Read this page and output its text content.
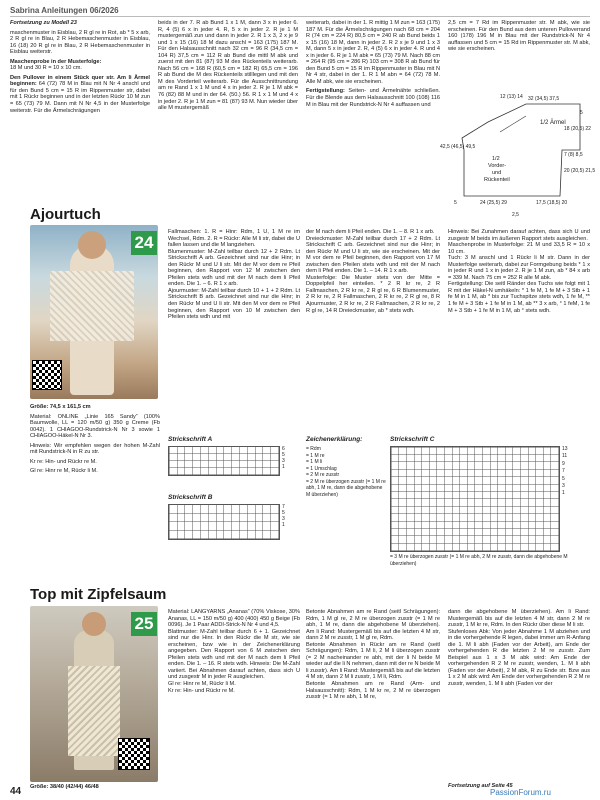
Sabrina Anleitungen 06/2026

Fortsetzung zu Modell 23

maschenmuster in Eisblau, 2 R gl re in Rot, ab * 5 x arb, 2 R gl re in Blau, 2 R Hebemaschenmuster in Eisblau, 16 (18) 20 R gl re in Blau, 2 R Hebemaschenmuster in Eisblau weiterstr.

Maschenprobe in der Musterfolge:
18 M und 30 R = 10 x 10 cm.

Den Pullover in einem Stück quer str. Am li Ärmel beginnen: 64 (72) 78 M in Blau mit N Nr 4 anschl und für den Bund 5 cm = 15 R im Rippenmuster str, dabei mit 1 Rückr beginnen und in der letzten Rückr 10 M zun = 65 (73) 79 M. Dann mit N Nr 4,5 in der Musterfolge weiterstr. Für die Ärmelschrägungen

beids in der 7. R ab Bund 1 x 1 M, dann 3 x in jeder 6. R, 4 (5) 6 x in jeder 4. R, 5 x in jeder 2. R je 1 M mustergemäß zun und dann in jeder 2. R 1 x 3, 2 x je 9 und 1 x 15 (16) 18 M dazu anschl = 163 (175) 187 M. Für den Halsausschnitt nach 32 cm = 96 R (34,5 cm = 104 R) 37,5 cm = 112 R ab Bund die mittl M abk und zuerst mit den 81 (87) 93 M des Rückenteils weiterarb. Nach 56 cm = 168 R (60,5 cm = 182 R) 65,5 cm = 196 R ab Bund die M des Rückenteils stilllegen und mit den M des Vorderteil weiterarb. Für die Ausschnittrundung am re Rand 1 x 1 M und 4 x in jeder 2. R je 1 M abk = 76 (82) 88 M und in der 64. (50.) 56. R 1 x 1 M und 4 x in jeder 2. R je 1 M zun = 81 (87) 93 M. Nun wieder über alle M mustergemäß

weiterarb, dabei in der 1. R mittig 1 M zun = 163 (175) 187 M. Für die Ärmelschrägungen nach 68 cm = 204 R (74 cm = 224 R) 80,5 cm = 240 R ab Bund beids 1 x 15 (16) 18 M, dann in jeder 2. R 2 x je 9 und 1 x 3 M, dann 5 x in jeder 2. R, 4 (5) 6 x in jeder 4. R und 4 x in jeder 6. R je 1 M abk = 65 (73) 79 M. Nach 88 cm = 264 R (95 cm = 286 R) 103 cm = 308 R ab Bund für den Bund 5 cm = 15 R im Rippenmuster in Blau mit N Nr 4 str, dabei in der 1. R 1 M abn = 64 (72) 78 M. Alle M abk, wie sie erscheinen.

Fertigstellung: Seiten- und Ärmelnähte schließen. Für die Blende aus dem Halsausschnitt 100 (108) 116 M in Blau mit der Rundstrick-N Nr 4 auffassen und

2,5 cm = 7 Rd im Rippenmuster str. M abk, wie sie erscheinen. Für den Bund aus dem unteren Pulloverrand 160 (178) 196 M in Blau mit der Rundstrick-N Nr 4 auffassen und 5 cm = 15 Rd im Rippenmuster str. M abk, wie sie erscheinen.
1/2 Ärmel
1/2
Vorder-
und
Rückenteil
12 (13) 14 32 (34,5) 37,5
5
18 (20,5) 22
7 (8) 8,5
20 (20,5) 21,5
42,5 (46,5) 49,5
5	24 (25,5) 29	17,5 (18,5) 20
2,5
Ajourtuch
24

Größe: 74,5 x 161,5 cm

Material: ONLINE „Linie 165 Sandy“ (100% Baumwolle, LL = 120 m/50 g) 350 g Creme (Fb 0042). 1 CHIAGOO-Rundstrick-N Nr 3 sowie 1 CHIAGOO-Häkel-N Nr 3.

Hinweis: Wir empfehlen wegen der hohen M-Zahl mit Rundstrick-N in R zu str.

Kr re: Hin- und Rückr re M.

Gl re: Hinr re M, Rückr li M.

Fallmaschen: 1. R = Hinr: Rdm, 1 U, 1 M re im Wechsel, Rdm. 2. R = Rückr: Alle M li str, dabei die U fallen lassen und die M langziehen.
Blumenmuster: M-Zahl teilbar durch 12 + 2 Rdm. Lt Strickschrift A arb. Gezeichnet sind nur die Hinr; in den Rückr M und U li str. Mit der M vor dem re Pfeil beginnen, den Rapport von 12 M zwischen den Pfeilen stets wdh und mit der M nach dem li Pfeil enden. Die 1. – 6. R 1 x arb.
Ajourmuster: M-Zahl teilbar durch 10 + 1 + 2 Rdm. Lt Strickschrift B arb. Gezeichnet sind nur die Hinr; in den Rückr M und U li str. Mit den M vor dem re Pfeil beginnen, den Rapport von 10 M zwischen den Pfeilen stets wdh und mit
der M nach dem li Pfeil enden. Die 1. – 8. R 1 x arb.
Dreieckmuster: M-Zahl teilbar durch 17 + 2 Rdm. Lt Strickschrift C arb. Gezeichnet sind nur die Hinr; in den Rückr M und U li str, wie sie erscheinen. Mit der M vor dem re Pfeil beginnen, den Rapport von 17 M zwischen den Pfeilen stets wdh und mit der M nach dem li Pfeil enden. Die 1. – 14. R 1 x arb.
Musterfolge: Die Muster stets von der Mitte = Doppelpfeil her einteilen. * 2 R kr re, 2 R Fallmaschen, 2 R kr re, 2 R gl re, 6 R Blumenmuster, 2 R kr re, 2 R Fallmaschen, 2 R kr re, 2 R gl re, 8 R Ajourmuster, 2 R kr re, 2 R Fallmaschen, 2 R kr re, 2 R gl re, 14 R Dreieckmuster, ab * stets wdh.
Hinweis: Bei Zunahmen darauf achten, dass sich U und zusgestr M beids im äußeren Rapport stets ausgleichen.
Maschenprobe in Musterfolge: 21 M und 33,5 R = 10 x 10 cm.
Tuch: 3 M anschl und 1 Rückr li M str. Dann in der Musterfolge weiterarb, dabei zur Formgebung beids * 1 x in jeder R und 1 x in jeder 2. R je 1 M zun, ab * 84 x arb = 339 M. Nach 75 cm = 252 R alle M abk.
Fertigstellung: Die seitl Ränder des Tuchs wie folgt mit 1 R mit der Häkel-N umhäkeln: * 1 fe M, 1 fe M + 3 Stb + 1 fe M in 1 M, ab * bis zur Tuchspitze stets wdh, 1 fe M, ** 1 fe M + 3 Stb + 1 fe M in 1 M, ab ** 3 x arb, ° 1 feM, 1 fe M + 3 Stb + 1 fe M in 1 M, ab ° stets wdh.
Strickschrift A
6
5
3
1
Strickschrift B
7
5
3
1
Zeichenerklärung:
= Rdm
= 1 M re
= 1 M li
= 1 Umschlag
= 2 M re zusstr
= 2 M re überzogen zusstr (= 1 M re abh, 1 M re, dann die abgehobene M überziehen)
Strickschrift C
13
11
9
7
5
3
1
= 3 M re überzogen zusstr (= 1 M re abh, 2 M re zusstr, dann die abgehobene M überziehen)
Top mit Zipfelsaum
25
Größe: 38/40 (42/44) 46/48
Material: LANGYARNS „Ananas“ (70% Viskose, 30% Ananas, LL = 150 m/50 g) 400 (400) 450 g Beige (Fb 0096). Je 1 Paar ADDI-Strick-N Nr 4 und 4,5.
Blattmuster: M-Zahl teilbar durch 6 + 1. Gezeichnet sind nur die Hinr. In den Rückr die M str, wie sie erscheinen, bzw wie in der Zeichenerklärung angegeben. Den Rapport von 6 M zwischen den Pfeilen stets wdh und mit der M nach dem li Pfeil enden. Die 1. – 16. R stets wdh. Hinweis: Die M-Zahl variiert. Bei Abnahmen darauf achten, dass sich U und zusgestr M in jeder R ausgleichen.
Gl re: Hinr re M, Rückr li M.
Kr re: Hin- und Rückr re M.
Betonte Abnahmen am re Rand (seitl Schrägungen): Rdm, 1 M gl re, 2 M re überzogen zusstr (= 1 M re abh, 1 M re, dann die abgehobene M überziehen). Am li Rand: Mustergemäß bis auf die letzten 4 M str, dann 2 M re zusstr, 1 M gl re, Rdm.
Betonte Abnahmen in Rückr am re Rand (seitl Schrägungen): Rdm, 1 M li, 2 M li überzogen zusstr (= 2 M nacheinander re abh, mit der li N beide M wieder auf die li N nehmen, dann mit der re N beide M li zusstr). Am li Rand: Mustergemäß bis auf die letzten 4 M str, dann 2 M li zusstr, 1 M li, Rdm.
Betonte Abnahmen am re Rand (Arm- und Halsausschnitt): Rdm, 1 M kr re, 2 M re überzogen zusstr (= 1 M re abh, 1 M re,
dann die abgehobene M überziehen). Am li Rand: Mustergemäß bis auf die letzten 4 M str, dann 2 M re zusstr, 1 M kr re, Rdm. In den Rückr über diese M li str.
Stufenloses Abk: Von jeder Abnahme 1 M abziehen und in die vorhergehende R legen, dabei immer am R-Anfang die 1. M li abh (Faden vor der Arbeit), am Ende der vorhergehenden R die letzten 2 M re zusstr. Zum Beispiel aus 1 x 3 M abk wird: Am Ende der vorhergehenden R 2 M re zusstr, wenden, 1. M li abh (Faden vor der Arbeit), 2 M abk, R zu Ende str. Bzw aus 1 x 2 M abk wird: Am Ende der vorhergehenden R 2 M re zusstr, wenden, 1. M li abh (Faden vor der
Fortsetzung auf Seite 45
44	PassionForum.ru
